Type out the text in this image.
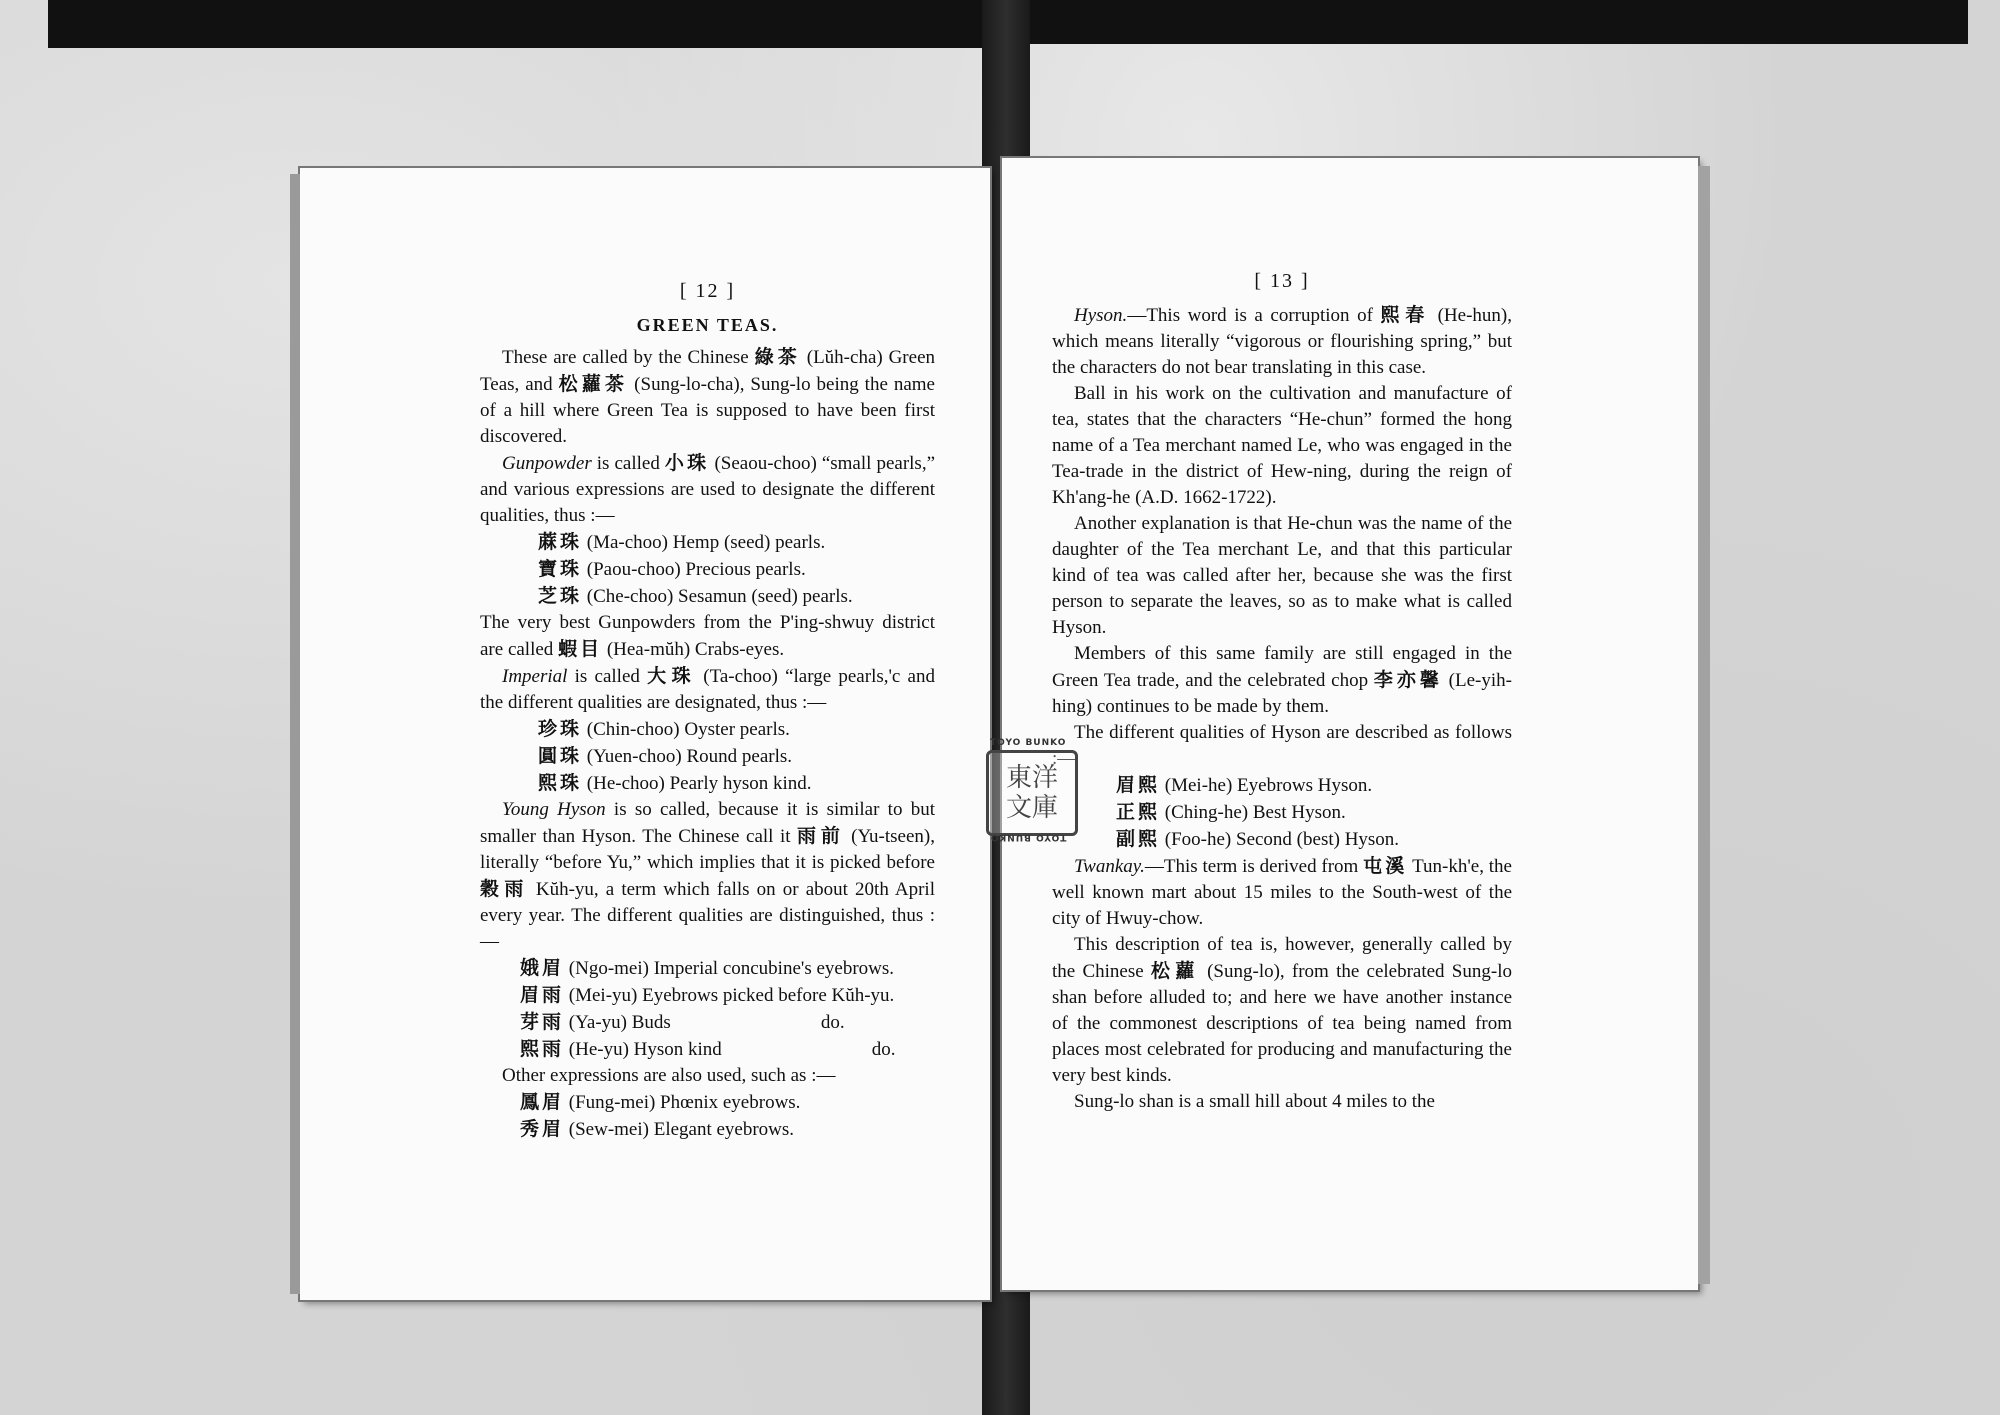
[ 12 ]
GREEN TEAS.

These are called by the Chinese 綠茶 (Lŭh-cha) Green Teas, and 松蘿茶 (Sung-lo-cha), Sung-lo being the name of a hill where Green Tea is supposed to have been first discovered.

Gunpowder is called 小珠 (Seaou-choo) “small pearls,” and various expressions are used to designate the different qualities, thus :—

蔴珠 (Ma-choo) Hemp (seed) pearls.
寶珠 (Paou-choo) Precious pearls.
芝珠 (Che-choo) Sesamun (seed) pearls.

The very best Gunpowders from the P'ing-shwuy district are called 蝦目 (Hea-mŭh) Crabs-eyes.

Imperial is called 大珠 (Ta-choo) “large pearls,'c and the different qualities are designated, thus :—

珍珠 (Chin-choo) Oyster pearls.
圓珠 (Yuen-choo) Round pearls.
熙珠 (He-choo) Pearly hyson kind.

Young Hyson is so called, because it is similar to but smaller than Hyson. The Chinese call it 雨前 (Yu-tseen), literally “before Yu,” which implies that it is picked before 穀雨 Kŭh-yu, a term which falls on or about 20th April every year. The different qualities are distinguished, thus :—

娥眉 (Ngo-mei) Imperial concubine's eyebrows.
眉雨 (Mei-yu) Eyebrows picked before Kŭh-yu.
芽雨 (Ya-yu) Buds	do.
熙雨 (He-yu) Hyson kind	do.

Other expressions are also used, such as :—

鳳眉 (Fung-mei) Phœnix eyebrows.
秀眉 (Sew-mei) Elegant eyebrows.
[ 13 ]

Hyson.—This word is a corruption of 熙春 (He-hun), which means literally “vigorous or flourishing spring,” but the characters do not bear translating in this case.

Ball in his work on the cultivation and manufacture of tea, states that the characters “He-chun” formed the hong name of a Tea merchant named Le, who was engaged in the Tea-trade in the district of Hew-ning, during the reign of Kh'ang-he (A.D. 1662-1722).

Another explanation is that He-chun was the name of the daughter of the Tea merchant Le, and that this particular kind of tea was called after her, because she was the first person to separate the leaves, so as to make what is called Hyson.

Members of this same family are still engaged in the Green Tea trade, and the celebrated chop 李亦馨 (Le-yih-hing) continues to be made by them.

The different qualities of Hyson are described as follows :—

眉熙 (Mei-he) Eyebrows Hyson.
正熙 (Ching-he) Best Hyson.
副熙 (Foo-he) Second (best) Hyson.

Twankay.—This term is derived from 屯溪 Tun-kh'e, the well known mart about 15 miles to the South-west of the city of Hwuy-chow.

This description of tea is, however, generally called by the Chinese 松蘿 (Sung-lo), from the celebrated Sung-lo shan before alluded to; and here we have another instance of the commonest descriptions of tea being named from places most celebrated for producing and manufacturing the very best kinds.

Sung-lo shan is a small hill about 4 miles to the

TOYO BUNKO
東洋文庫
TOYO BUNKO
